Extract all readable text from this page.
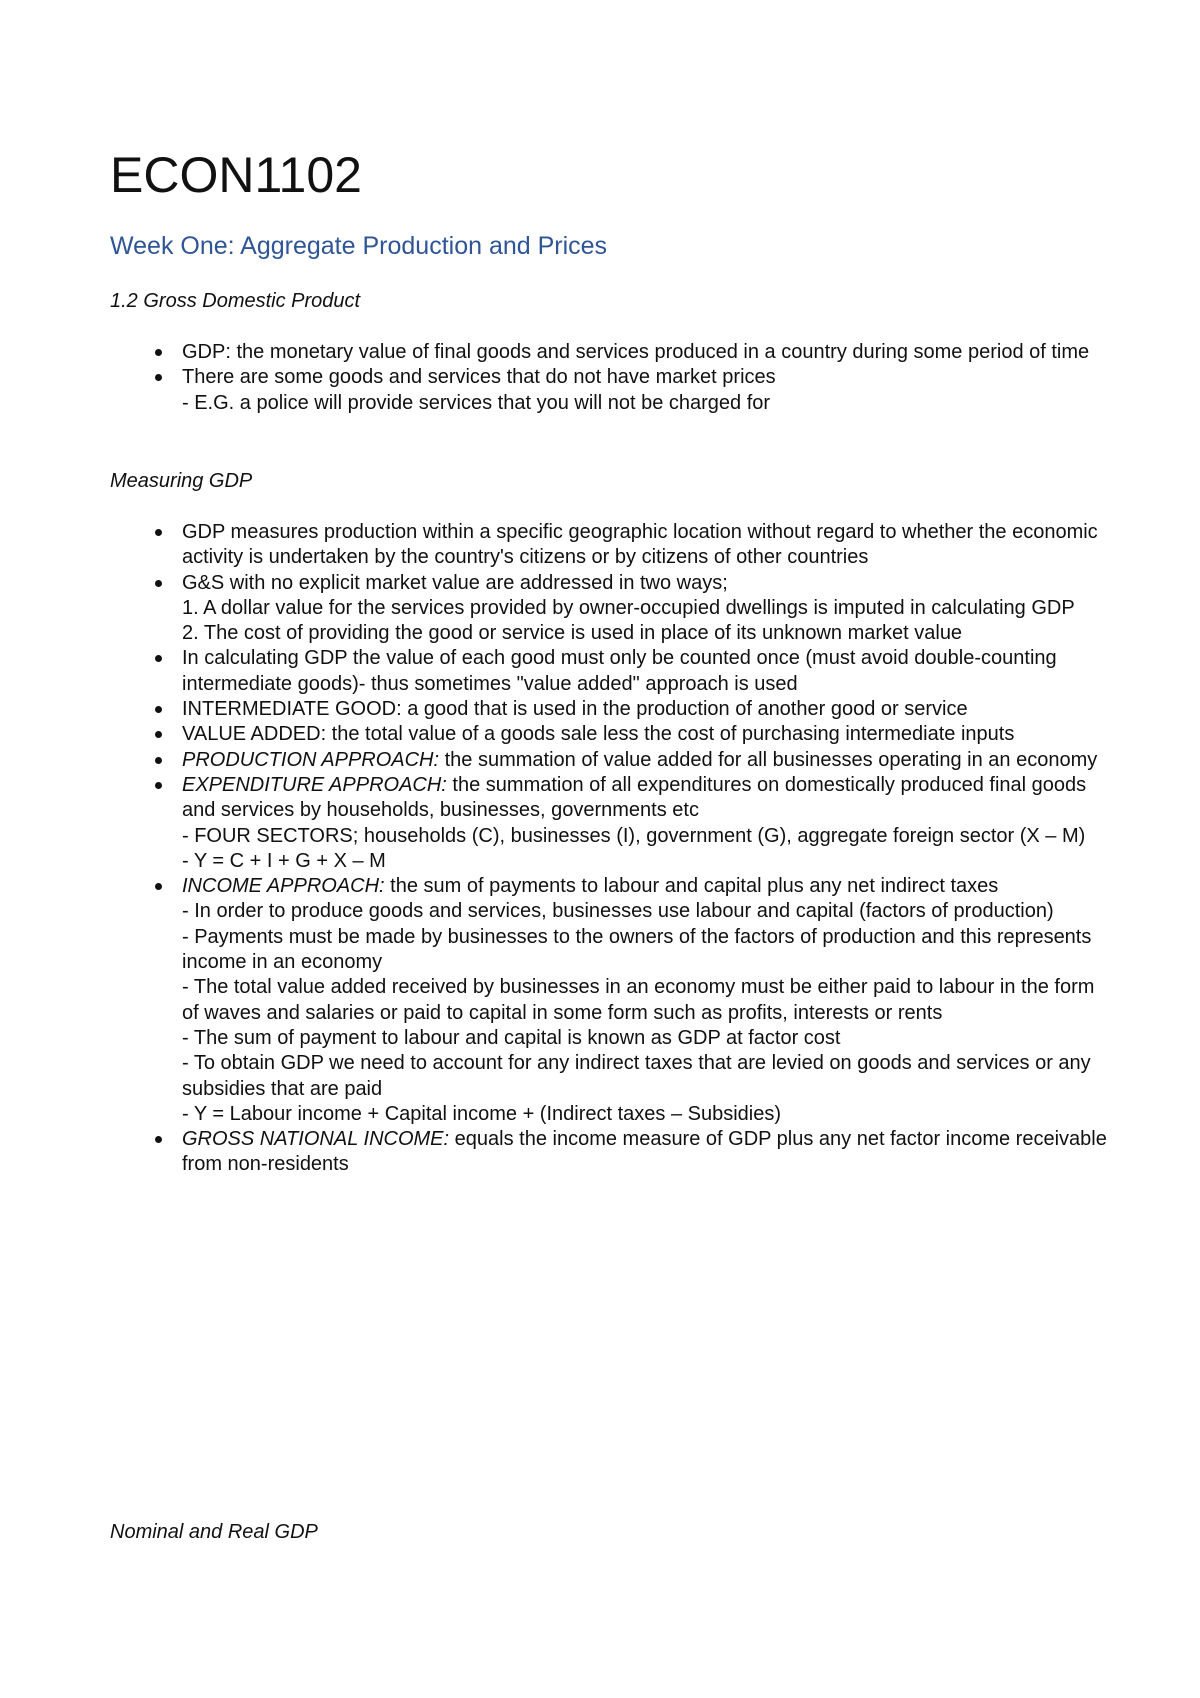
ECON1102
Week One: Aggregate Production and Prices

1.2 Gross Domestic Product

GDP: the monetary value of final goods and services produced in a country during some period of time
There are some goods and services that do not have market prices
- E.G. a police will provide services that you will not be charged for

Measuring GDP

GDP measures production within a specific geographic location without regard to whether the economic activity is undertaken by the country's citizens or by citizens of other countries
G&S with no explicit market value are addressed in two ways;
1. A dollar value for the services provided by owner-occupied dwellings is imputed in calculating GDP
2. The cost of providing the good or service is used in place of its unknown market value
In calculating GDP the value of each good must only be counted once (must avoid double-counting intermediate goods)- thus sometimes "value added" approach is used
INTERMEDIATE GOOD: a good that is used in the production of another good or service
VALUE ADDED: the total value of a goods sale less the cost of purchasing intermediate inputs
PRODUCTION APPROACH: the summation of value added for all businesses operating in an economy
EXPENDITURE APPROACH: the summation of all expenditures on domestically produced final goods and services by households, businesses, governments etc
- FOUR SECTORS; households (C), businesses (I), government (G), aggregate foreign sector (X – M)
- Y = C + I + G + X – M
INCOME APPROACH: the sum of payments to labour and capital plus any net indirect taxes
- In order to produce goods and services, businesses use labour and capital (factors of production)
- Payments must be made by businesses to the owners of the factors of production and this represents income in an economy
- The total value added received by businesses in an economy must be either paid to labour in the form of waves and salaries or paid to capital in some form such as profits, interests or rents
- The sum of payment to labour and capital is known as GDP at factor cost
- To obtain GDP we need to account for any indirect taxes that are levied on goods and services or any subsidies that are paid
- Y = Labour income + Capital income + (Indirect taxes – Subsidies)
GROSS NATIONAL INCOME: equals the income measure of GDP plus any net factor income receivable from non-residents

Nominal and Real GDP
